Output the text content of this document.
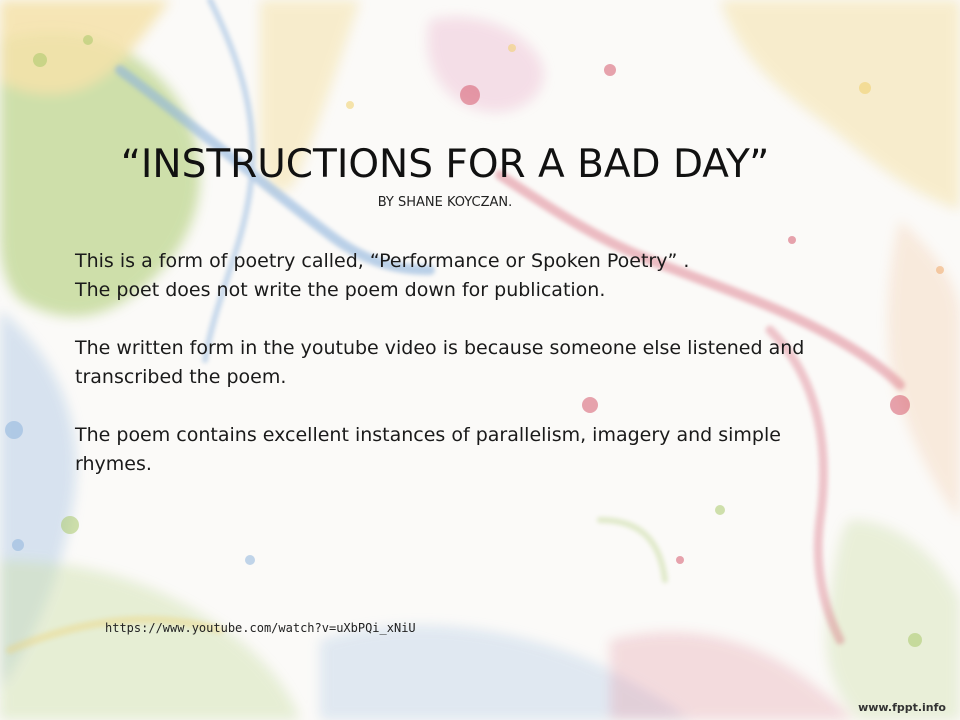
“INSTRUCTIONS FOR A BAD DAY”
BY SHANE KOYCZAN.

This is a form of poetry called, “Performance or Spoken Poetry” .

The poet does not write the poem down for publication.

The written form in the youtube video is because someone else listened and transcribed the poem.

The poem contains excellent instances of parallelism, imagery and simple rhymes.

https://www.youtube.com/watch?v=uXbPQi_xNiU
www.fppt.info
